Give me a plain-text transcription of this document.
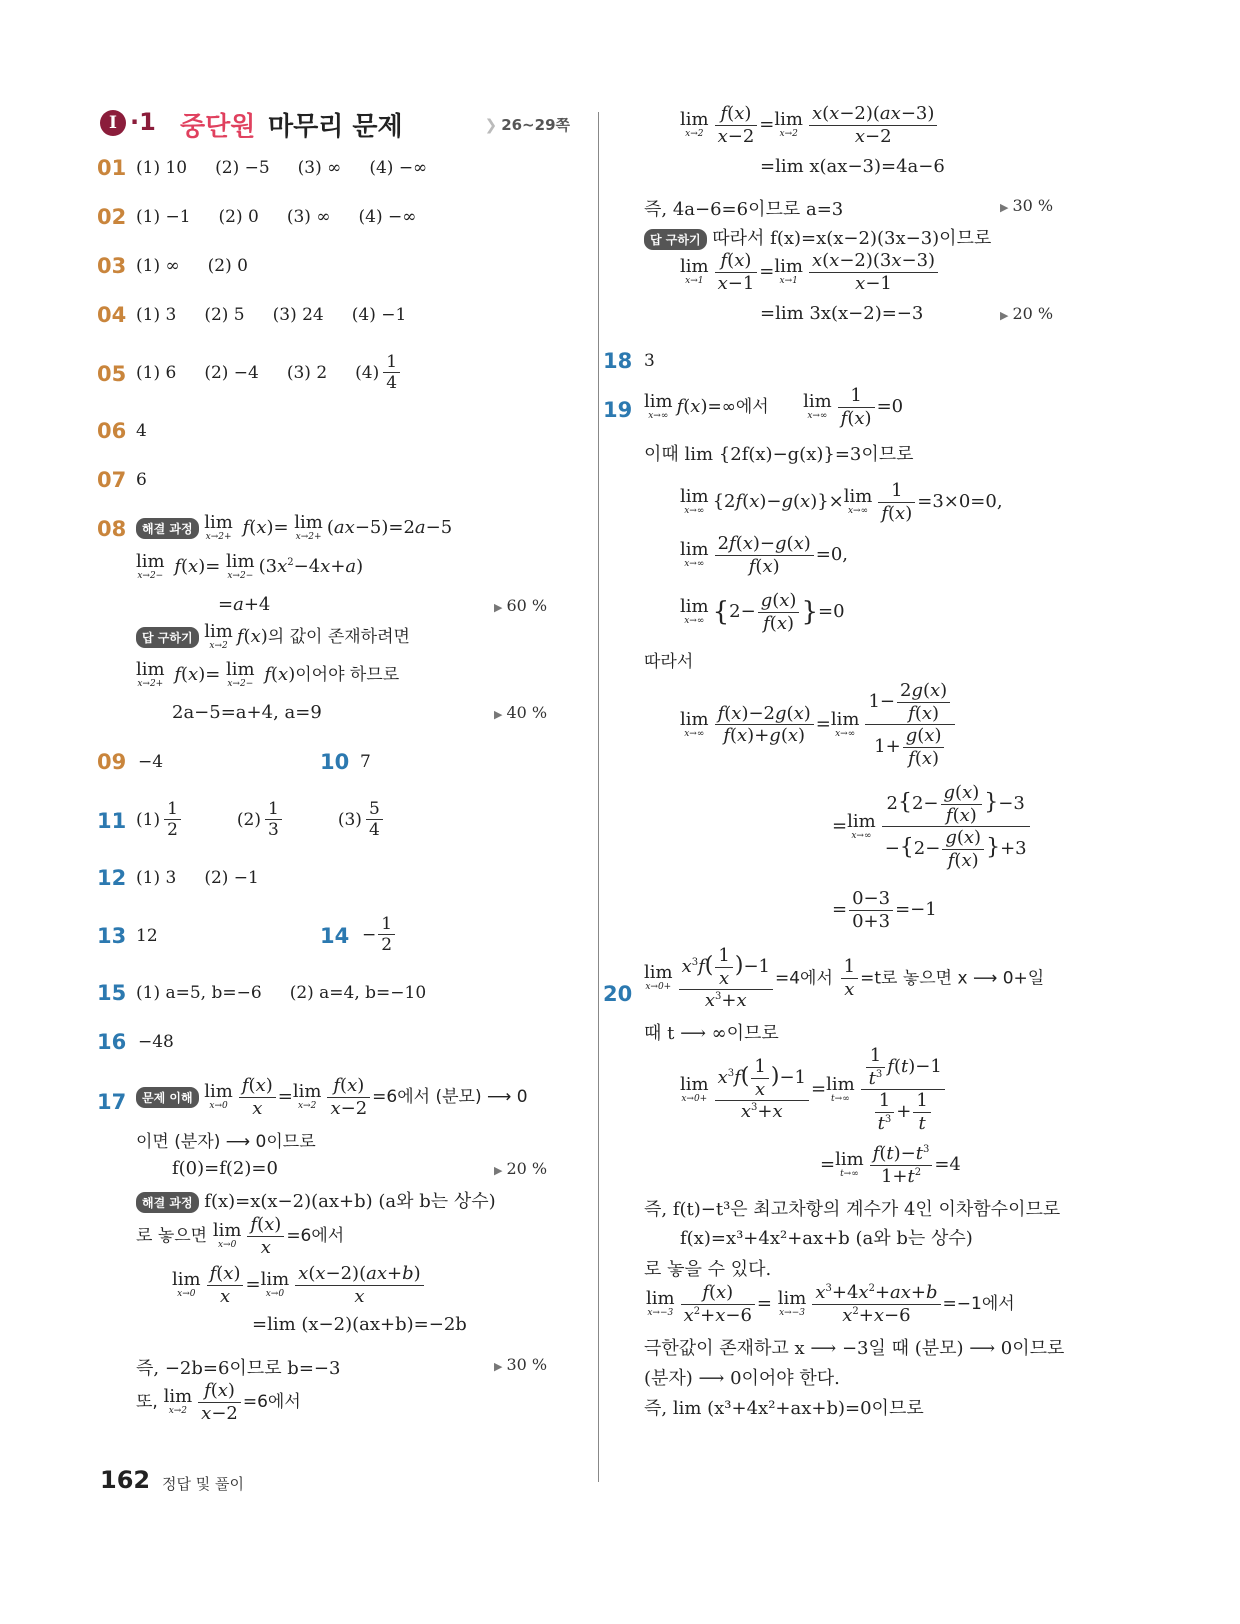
I ·1 중단원 마무리 문제	❯ 26~29쪽
01 (1) 10 (2) −5 (3) ∞ (4) −∞
02 (1) −1 (2) 0 (3) ∞ (4) −∞
03 (1) ∞ (2) 0
04 (1) 3 (2) 5 (3) 24 (4) −1
05 (1) 6 (2) −4 (3) 2 $(4) \frac{1}{4}$
06 4
07 6
08	해결 과정 lim
x→2+ f(x)= lim
x→2+ (ax−5)=2a−5
lim
x→2− f(x)= lim
$x\to 2- (3x^2-4x+a)$
=a+4	▶ 60 %
답 구하기 lim
x→2 f(x)의 값이 존재하려면
lim
x→2+ f(x)= lim
x→2− f(x)이어야 하므로
2a−5=a+4, a=9	▶ 40 %
09 −4	10 7
11 $(1) \frac{1}{2} (2) \frac{1}{3} (3) \frac{5}{4}$
12 (1) 3 (2) −1
13 12	$14 - \frac{1}{2}$
15 (1) a=5, b=−6 (2) a=4, b=−10
16 −48
17	문제 이해 lim
$x\to 0 \frac{f(x)}{x} =\lim$
$x\to 2 \frac{f(x)}{x-2} =6$에서 (분모) ⟶ 0
이면 (분자) ⟶ 0이므로
f(0)=f(2)=0	▶ 20 %
해결 과정 f(x)=x(x−2)(ax+b) (a와 b는 상수)
로 놓으면 lim
$x\to 0 \frac{f(x)}{x} =6$에서
lim
$x\to 0 \frac{f(x)}{x} =\lim$
$x\to 0 \frac{x(x-2)(ax+b)}{x}$
=lim (x−2)(ax+b)=−2b
즉, −2b=6이므로 b=−3	▶ 30 %
또, lim
$x\to 2 \frac{f(x)}{x-2} =6$에서
lim
$x\to 2 \frac{f(x)}{x-2} =\lim$
$x\to 2 \frac{x(x-2)(ax-3)}{x-2}$
=lim x(ax−3)=4a−6
즉, 4a−6=6이므로 a=3	▶ 30 %
답 구하기 따라서 f(x)=x(x−2)(3x−3)이므로
lim
$x\to 1 \frac{f(x)}{x-1} =\lim$
$x\to 1 \frac{x(x-2)(3x-3)}{x-1}$
=lim 3x(x−2)=−3	▶ 20 %
18 3
19 lim
x→∞ f(x)=∞에서 lim
$x\to\infty \frac{1}{f(x)} =0$
이때 lim {2f(x)−g(x)}=3이므로
lim
x→∞ {2f(x)−g(x)}×lim
$x\to\infty \frac{1}{f(x)} =3\times 0=0$,
lim
$x\to\infty \frac{2f(x)-g(x)}{f(x)} =0$,
lim
x→∞ $\{2- \frac{g(x)}{f(x)} \}=0$
따라서
lim
$x\to\infty \frac{f(x)-2g(x)}{f(x)+g(x)} =\lim$
$x\to\infty \frac{1- \frac{2g(x)}{f(x)}}{1+ \frac{g(x)}{f(x)}}$
=lim
$x\to\infty \frac{2\{2- \frac{g(x)}{f(x)} \}-3}{-\{2- \frac{g(x)}{f(x)} \}+3}$
= $\frac{0-3}{0+3} =-1$
20
lim
$x\to 0+ \frac{x^3f( \frac{1}{x} )-1}{x^3+x} =4$에서 $\frac{1}{x} =t$로 놓으면 x ⟶ 0+일
때 t ⟶ ∞이므로
lim
$x\to 0+ \frac{x^3f( \frac{1}{x} )-1}{x^3+x} =\lim$
$t\to\infty \frac{\frac{1}{t^3} f(t)-1}{\frac{1}{t^3} + \frac{1}{t}}$
=lim
$t\to\infty \frac{f(t)-t^3}{1+t^2} =4$
즉, f(t)−t³은 최고차항의 계수가 4인 이차함수이므로
f(x)=x³+4x²+ax+b (a와 b는 상수)
로 놓을 수 있다.
lim
$x\to-3 \frac{f(x)}{x^2+x-6} = \lim$
$x\to-3 \frac{x^3+4x^2+ax+b}{x^2+x-6} =-1$에서
극한값이 존재하고 x ⟶ −3일 때 (분모) ⟶ 0이므로
(분자) ⟶ 0이어야 한다.
즉, lim (x³+4x²+ax+b)=0이므로
162 정답 및 풀이
